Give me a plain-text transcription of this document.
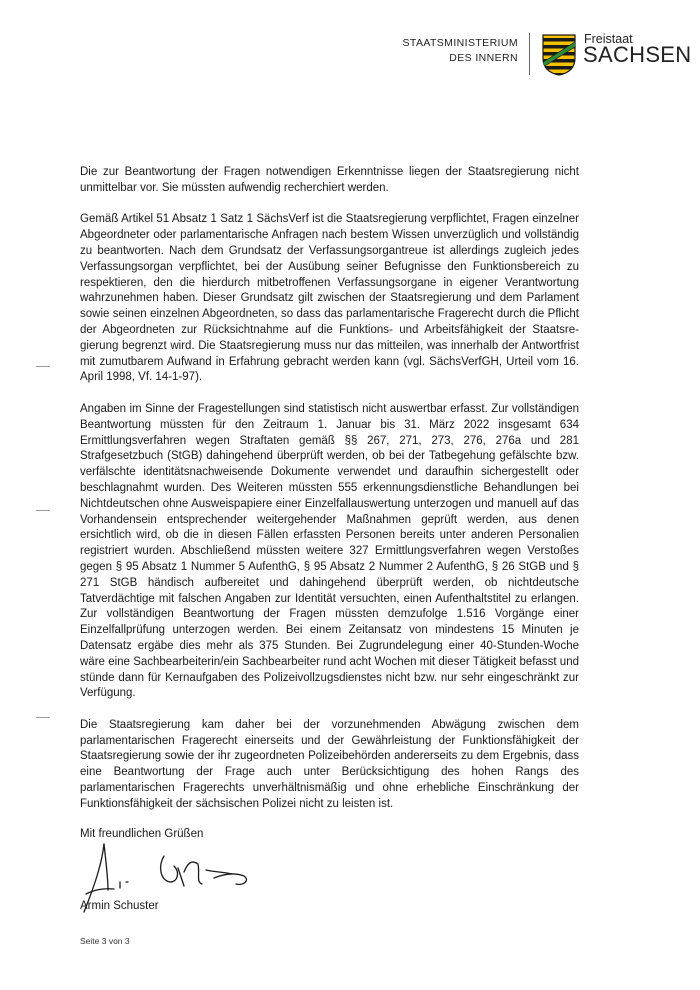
STAATSMINISTERIUM
DES INNERN
Freistaat
SACHSEN

Die zur Beantwortung der Fragen notwendigen Erkenntnisse liegen der Staatsregierung nicht unmittelbar vor. Sie müssten aufwendig recherchiert werden.

Gemäß Artikel 51 Absatz 1 Satz 1 SächsVerf ist die Staatsregierung verpflichtet, Fragen einzelner Abgeordneter oder parlamentarische Anfragen nach bestem Wissen unverzüglich und vollständig zu beantworten. Nach dem Grundsatz der Verfassungsorgantreue ist allerdings zugleich jedes Verfassungsorgan verpflichtet, bei der Ausübung seiner Befugnisse den Funktionsbereich zu respektieren, den die hierdurch mitbetroffenen Verfassungsorgane in eigener Verantwortung wahrzunehmen haben. Dieser Grundsatz gilt zwischen der Staatsregierung und dem Parlament sowie seinen einzelnen Abgeordneten, so dass das parlamentarische Fragerecht durch die Pflicht der Abgeordneten zur Rücksichtnahme auf die Funktions- und Arbeitsfähigkeit der Staatsregierung begrenzt wird. Die Staatsregierung muss nur das mitteilen, was innerhalb der Antwortfrist mit zumutbarem Aufwand in Erfahrung gebracht werden kann (vgl. SächsVerfGH, Urteil vom 16. April 1998, Vf. 14-1-97).

Angaben im Sinne der Fragestellungen sind statistisch nicht auswertbar erfasst. Zur vollständigen Beantwortung müssten für den Zeitraum 1. Januar bis 31. März 2022 insgesamt 634 Ermittlungsverfahren wegen Straftaten gemäß §§ 267, 271, 273, 276, 276a und 281 Strafgesetzbuch (StGB) dahingehend überprüft werden, ob bei der Tatbegehung gefälschte bzw. verfälschte identitätsnachweisende Dokumente verwendet und daraufhin sichergestellt oder beschlagnahmt wurden. Des Weiteren müssten 555 erkennungsdienstliche Behandlungen bei Nichtdeutschen ohne Ausweispapiere einer Einzelfallauswertung unterzogen und manuell auf das Vorhandensein entsprechender weitergehender Maßnahmen geprüft werden, aus denen ersichtlich wird, ob die in diesen Fällen erfassten Personen bereits unter anderen Personalien registriert wurden. Abschließend müssten weitere 327 Ermittlungsverfahren wegen Verstoßes gegen § 95 Absatz 1 Nummer 5 AufenthG, § 95 Absatz 2 Nummer 2 AufenthG, § 26 StGB und § 271 StGB händisch aufbereitet und dahingehend überprüft werden, ob nichtdeutsche Tatverdächtige mit falschen Angaben zur Identität versuchten, einen Aufenthaltstitel zu erlangen. Zur vollständigen Beantwortung der Fragen müssten demzufolge 1.516 Vorgänge einer Einzelfallprüfung unterzogen werden. Bei einem Zeitansatz von mindestens 15 Minuten je Datensatz ergäbe dies mehr als 375 Stunden. Bei Zugrundelegung einer 40-Stunden-Woche wäre eine Sachbearbeiterin/ein Sachbearbeiter rund acht Wochen mit dieser Tätigkeit befasst und stünde dann für Kernaufgaben des Polizeivollzugsdienstes nicht bzw. nur sehr eingeschränkt zur Verfügung.

Die Staatsregierung kam daher bei der vorzunehmenden Abwägung zwischen dem parlamentarischen Fragerecht einerseits und der Gewährleistung der Funktionsfähigkeit der Staatsregierung sowie der ihr zugeordneten Polizeibehörden andererseits zu dem Ergebnis, dass eine Beantwortung der Frage auch unter Berücksichtigung des hohen Rangs des parlamentarischen Fragerechts unverhältnismäßig und ohne erhebliche Einschränkung der Funktionsfähigkeit der sächsischen Polizei nicht zu leisten ist.

Mit freundlichen Grüßen
Armin Schuster
Seite 3 von 3
